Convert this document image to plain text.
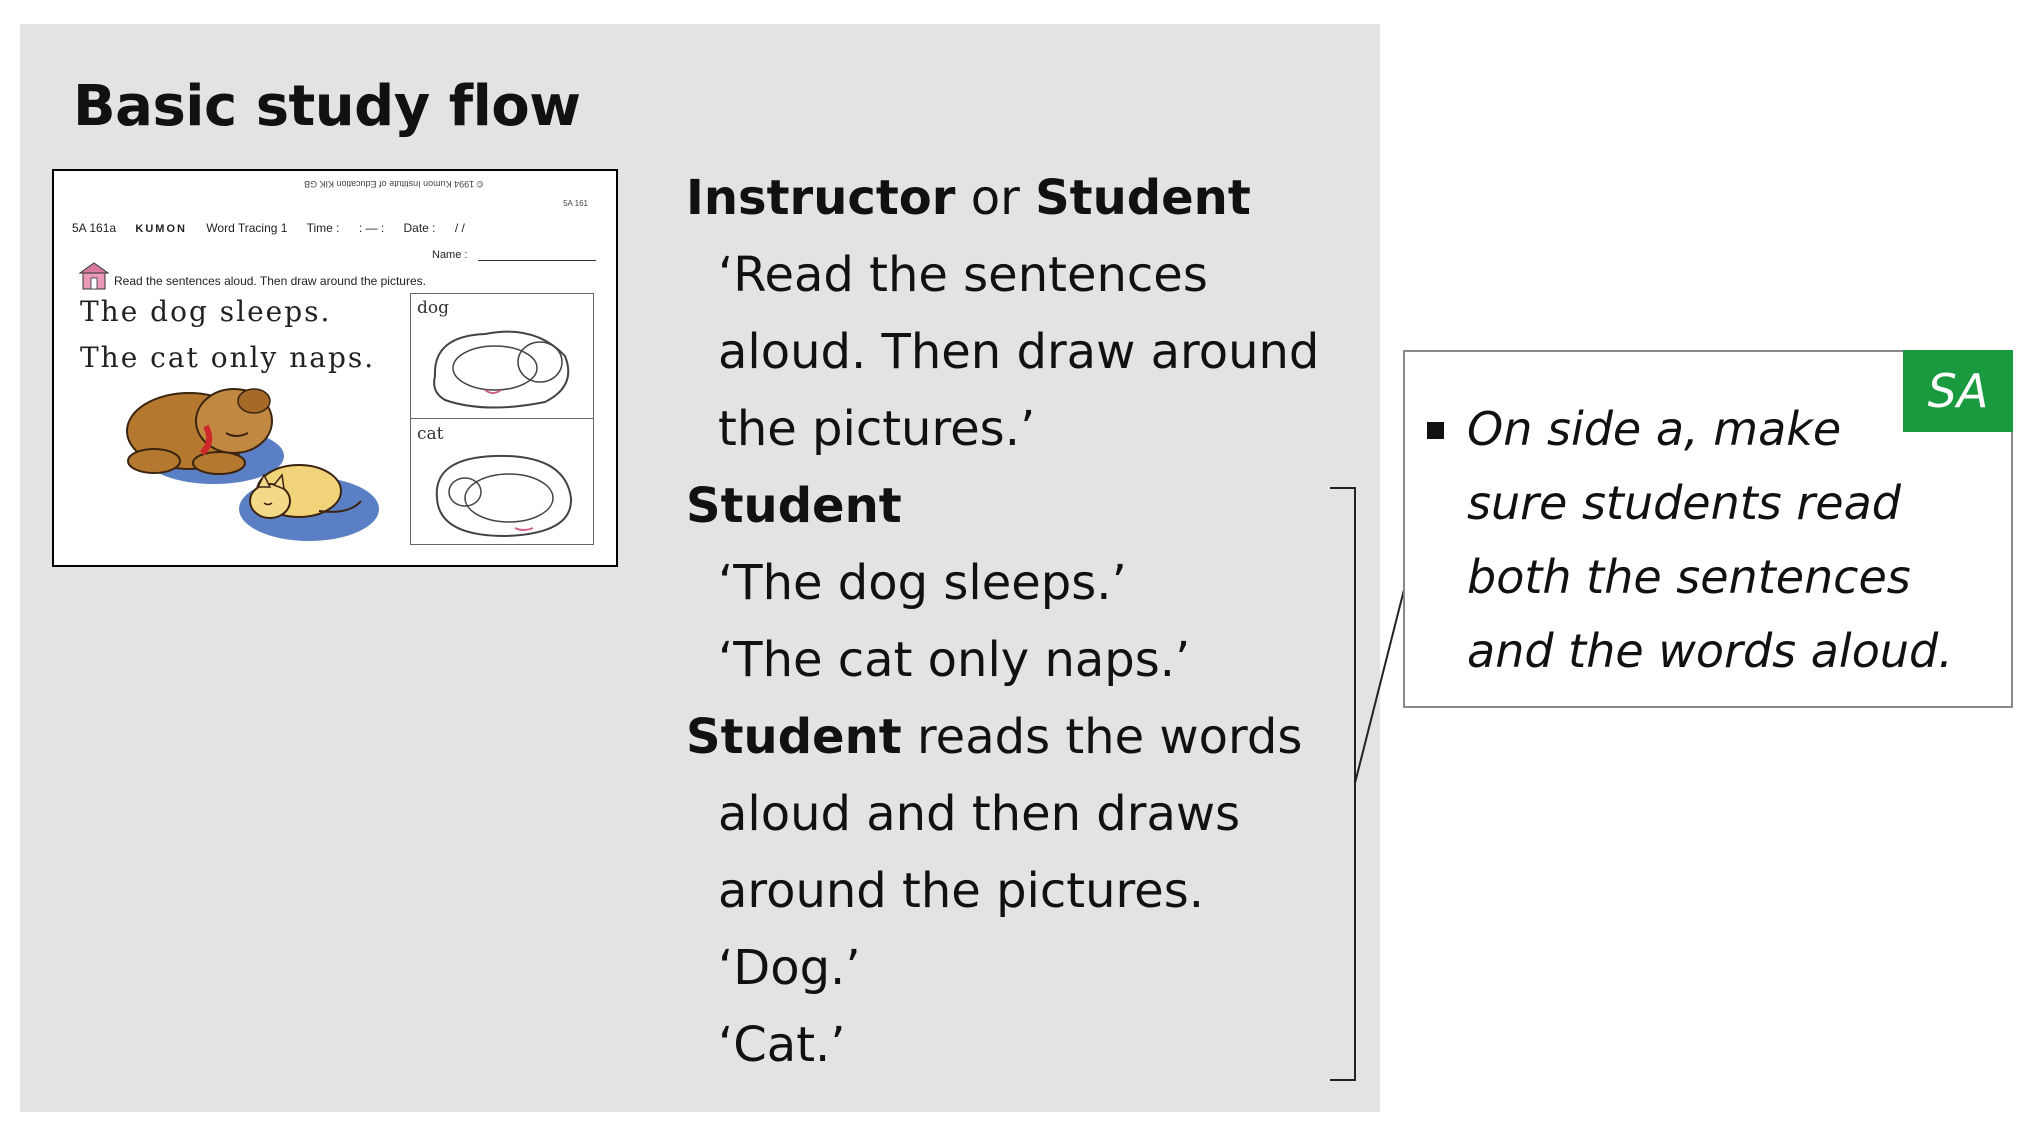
Basic study flow
© 1994 Kumon Institute of Education KIK GB
5A 161
5A 161a KUMON Word Tracing 1 Time : : — : Date : / /
Name :
Read the sentences aloud. Then draw around the pictures.
The dog sleeps.
The cat only naps.
dog
cat
Instructor or Student
‘Read the sentences
aloud. Then draw around
the pictures.’
Student
‘The dog sleeps.’
‘The cat only naps.’
Student reads the words
aloud and then draws
around the pictures.
‘Dog.’
‘Cat.’
SA
On side a, make
sure students read
both the sentences
and the words aloud.
